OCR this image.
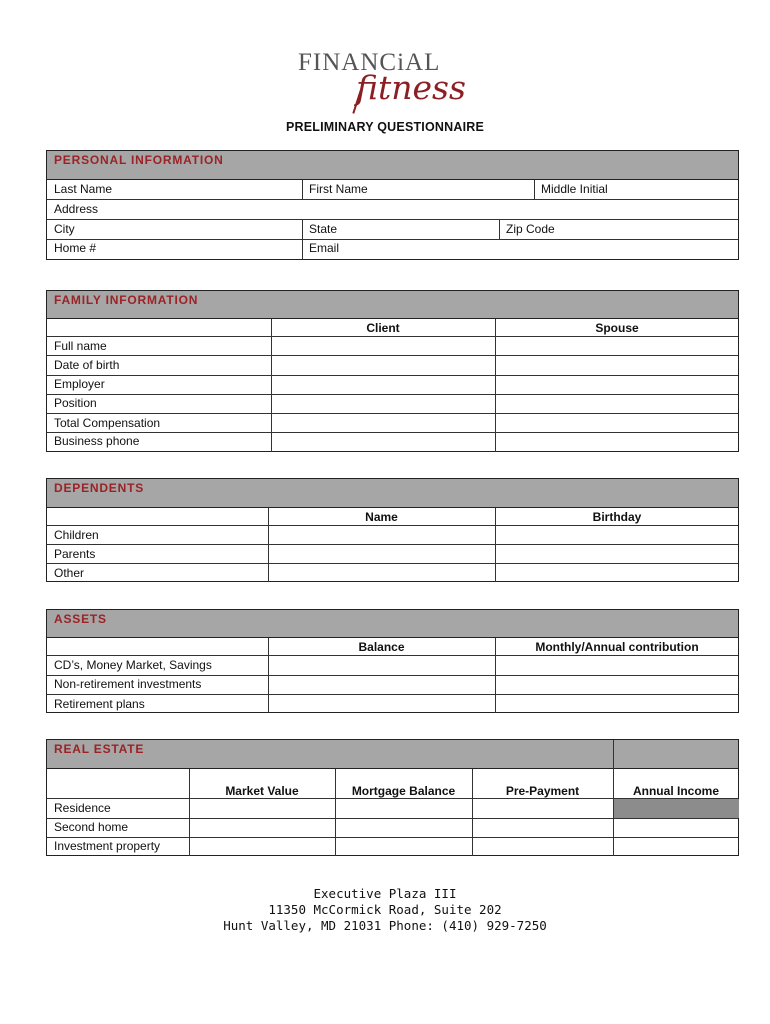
FINANCiAL
fitness
PRELIMINARY QUESTIONNAIRE
PERSONAL INFORMATION
Last Name	First Name	Middle Initial
Address
City	State	Zip Code
Home #	Email
FAMILY INFORMATION
Client	Spouse
Full name
Date of birth
Employer
Position
Total Compensation
Business phone
DEPENDENTS
Name	Birthday
Children
Parents
Other
ASSETS
Balance	Monthly/Annual contribution
CD’s, Money Market, Savings
Non-retirement investments
Retirement plans
REAL ESTATE
Market Value	Mortgage Balance	Pre-Payment	Annual Income
Residence
Second home
Investment property
Executive Plaza III
11350 McCormick Road, Suite 202
Hunt Valley, MD 21031 Phone: (410) 929-7250
